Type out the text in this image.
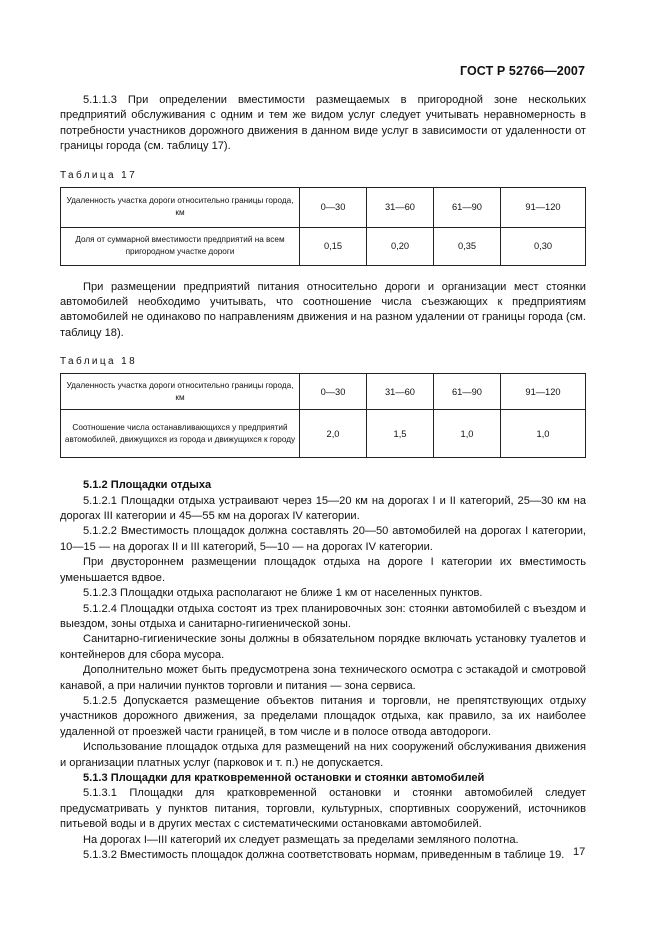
ГОСТ Р 52766—2007

5.1.1.3 При определении вместимости размещаемых в пригородной зоне нескольких предприятий обслуживания с одним и тем же видом услуг следует учитывать неравномерность в потребности участников дорожного движения в данном виде услуг в зависимости от удаленности от границы города (см. таблицу 17).

Таблица 17
Удаленность участка дороги относительно границы города, км	0—30	31—60	61—90	91—120
Доля от суммарной вместимости предприятий на всем пригородном участке дороги	0,15	0,20	0,35	0,30

При размещении предприятий питания относительно дороги и организации мест стоянки автомобилей необходимо учитывать, что соотношение числа съезжающих к предприятиям автомобилей не одинаково по направлениям движения и на разном удалении от границы города (см. таблицу 18).

Таблица 18
Удаленность участка дороги относительно границы города, км	0—30	31—60	61—90	91—120
Соотношение числа останавливающихся у предприятий автомобилей, движущихся из города и движущихся к городу	2,0	1,5	1,0	1,0
5.1.2 Площадки отдыха

5.1.2.1 Площадки отдыха устраивают через 15—20 км на дорогах I и II категорий, 25—30 км на дорогах III категории и 45—55 км на дорогах IV категории.

5.1.2.2 Вместимость площадок должна составлять 20—50 автомобилей на дорогах I категории, 10—15 — на дорогах II и III категорий, 5—10 — на дорогах IV категории.

При двустороннем размещении площадок отдыха на дороге I категории их вместимость уменьшается вдвое.

5.1.2.3 Площадки отдыха располагают не ближе 1 км от населенных пунктов.

5.1.2.4 Площадки отдыха состоят из трех планировочных зон: стоянки автомобилей с въездом и выездом, зоны отдыха и санитарно-гигиенической зоны.

Санитарно-гигиенические зоны должны в обязательном порядке включать установку туалетов и контейнеров для сбора мусора.

Дополнительно может быть предусмотрена зона технического осмотра с эстакадой и смотровой канавой, а при наличии пунктов торговли и питания — зона сервиса.

5.1.2.5 Допускается размещение объектов питания и торговли, не препятствующих отдыху участников дорожного движения, за пределами площадок отдыха, как правило, за их наиболее удаленной от проезжей части границей, в том числе и в полосе отвода автодороги.

Использование площадок отдыха для размещений на них сооружений обслуживания движения и организации платных услуг (парковок и т. п.) не допускается.

5.1.3 Площадки для кратковременной остановки и стоянки автомобилей

5.1.3.1 Площадки для кратковременной остановки и стоянки автомобилей следует предусматривать у пунктов питания, торговли, культурных, спортивных сооружений, источников питьевой воды и в других местах с систематическими остановками автомобилей.

На дорогах I—III категорий их следует размещать за пределами земляного полотна.

5.1.3.2 Вместимость площадок должна соответствовать нормам, приведенным в таблице 19. 17
